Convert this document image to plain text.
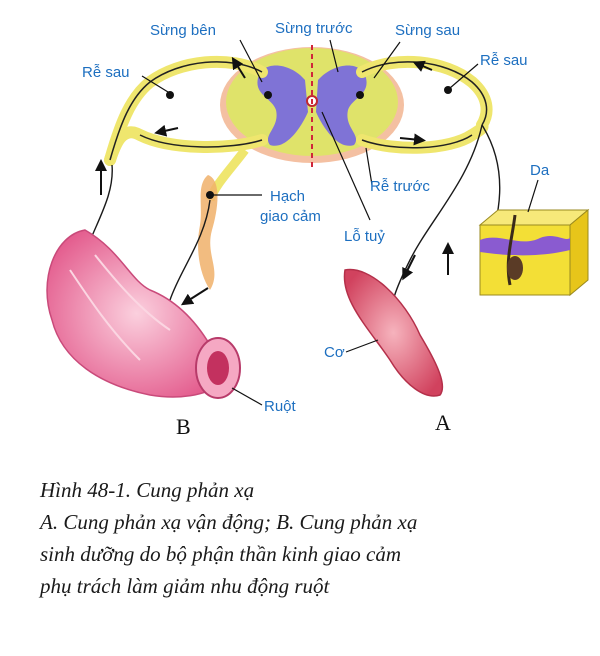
Sừng bên	Sừng trước	Sừng sau
Rễ sau
Rễ sau
Hạch
giao cảm
Rễ trước
Lỗ tuỷ
Da
Cơ
Ruột
B	A
Hình 48-1. Cung phản xạ
A. Cung phản xạ vận động; B. Cung phản xạ
sinh dưỡng do bộ phận thần kinh giao cảm
phụ trách làm giảm nhu động ruột
